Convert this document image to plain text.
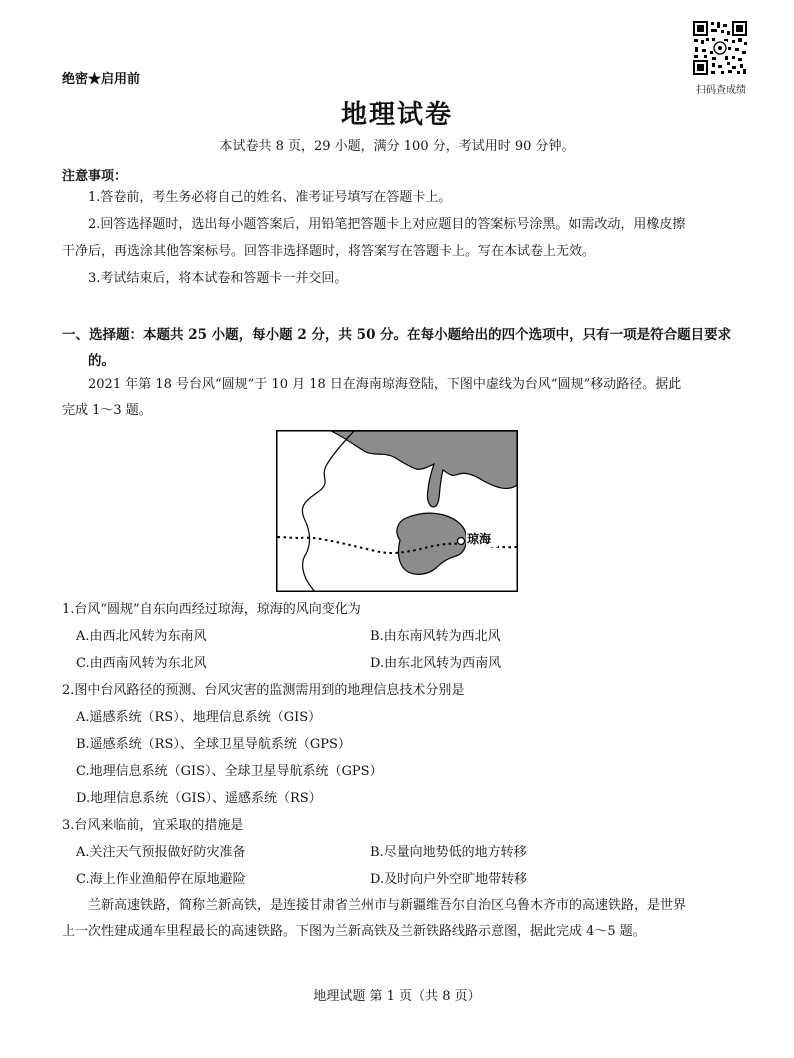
绝密★启用前
扫码查成绩
地理试卷
本试卷共 8 页，29 小题，满分 100 分，考试用时 90 分钟。
注意事项：
1.答卷前，考生务必将自己的姓名、准考证号填写在答题卡上。
2.回答选择题时，选出每小题答案后，用铅笔把答题卡上对应题目的答案标号涂黑。如需改动，用橡皮擦
干净后，再选涂其他答案标号。回答非选择题时，将答案写在答题卡上。写在本试卷上无效。
3.考试结束后，将本试卷和答题卡一并交回。
一、选择题：本题共 25 小题，每小题 2 分，共 50 分。在每小题给出的四个选项中，只有一项是符合题目要求
的。
2021 年第 18 号台风“圆规”于 10 月 18 日在海南琼海登陆，下图中虚线为台风“圆规”移动路径。据此
完成 1～3 题。
琼海
1.台风“圆规”自东向西经过琼海，琼海的风向变化为
A.由西北风转为东南风	B.由东南风转为西北风
C.由西南风转为东北风	D.由东北风转为西南风
2.图中台风路径的预测、台风灾害的监测需用到的地理信息技术分别是
A.遥感系统（RS）、地理信息系统（GIS）
B.遥感系统（RS）、全球卫星导航系统（GPS）
C.地理信息系统（GIS）、全球卫星导航系统（GPS）
D.地理信息系统（GIS）、遥感系统（RS）
3.台风来临前，宜采取的措施是
A.关注天气预报做好防灾准备	B.尽量向地势低的地方转移
C.海上作业渔船停在原地避险	D.及时向户外空旷地带转移
兰新高速铁路，简称兰新高铁，是连接甘肃省兰州市与新疆维吾尔自治区乌鲁木齐市的高速铁路，是世界
上一次性建成通车里程最长的高速铁路。下图为兰新高铁及兰新铁路线路示意图，据此完成 4～5 题。
地理试题 第 1 页（共 8 页）
